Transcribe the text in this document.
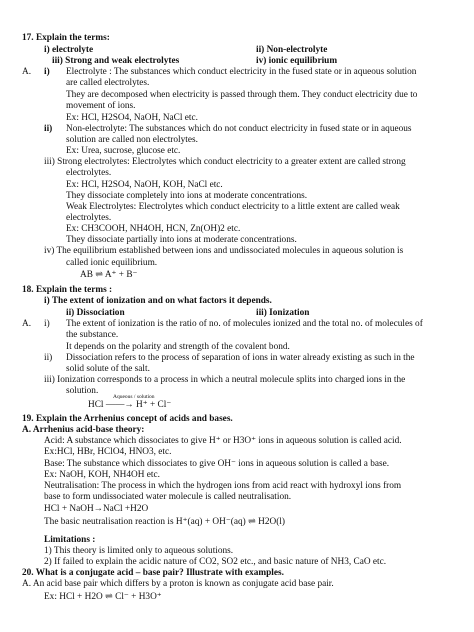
17. Explain the terms:
i) electrolyte	ii) Non-electrolyte
iii) Strong and weak electrolytes	iv) ionic equilibrium
A. i) Electrolyte : The substances which conduct electricity in the fused state or in aqueous solution
are called electrolytes.
They are decomposed when electricity is passed through them. They conduct electricity due to
movement of ions.
Ex: HCl, H2SO4, NaOH, NaCl etc.
ii) Non-electrolyte: The substances which do not conduct electricity in fused state or in aqueous
solution are called non electrolytes.
Ex: Urea, sucrose, glucose etc.
iii) Strong electrolytes: Electrolytes which conduct electricity to a greater extent are called strong
electrolytes.
Ex: HCl, H2SO4, NaOH, KOH, NaCl etc.
They dissociate completely into ions at moderate concentrations.
Weak Electrolytes: Electrolytes which conduct electricity to a little extent are called weak
electrolytes.
Ex: CH3COOH, NH4OH, HCN, Zn(OH)2 etc.
They dissociate partially into ions at moderate concentrations.
iv) The equilibrium established between ions and undissociated molecules in aqueous solution is
called ionic equilibrium.
AB ⇌ A⁺ + B⁻
18. Explain the terms :
i) The extent of ionization and on what factors it depends.
ii) Dissociation	iii) Ionization
A. i) The extent of ionization is the ratio of no. of molecules ionized and the total no. of molecules of
the substance.
It depends on the polarity and strength of the covalent bond.
ii) Dissociation refers to the process of separation of ions in water already existing as such in the
solid solute of the salt.
iii) Ionization corresponds to a process in which a neutral molecule splits into charged ions in the
solution.
HCl ——→ H⁺ + Cl⁻
Aqueous / solution
19. Explain the Arrhenius concept of acids and bases.
A. Arrhenius acid-base theory:
Acid: A substance which dissociates to give H⁺ or H3O⁺ ions in aqueous solution is called acid.
Ex:HCl, HBr, HClO4, HNO3, etc.
Base: The substance which dissociates to give OH⁻ ions in aqueous solution is called a base.
Ex: NaOH, KOH, NH4OH etc.
Neutralisation: The process in which the hydrogen ions from acid react with hydroxyl ions from
base to form undissociated water molecule is called neutralisation.
HCl + NaOH→NaCl +H2O
The basic neutralisation reaction is H⁺(aq) + OH⁻(aq) ⇌ H2O(l)
Limitations :
1) This theory is limited only to aqueous solutions.
2) If failed to explain the acidic nature of CO2, SO2 etc., and basic nature of NH3, CaO etc.
20. What is a conjugate acid – base pair? Illustrate with examples.
A. An acid base pair which differs by a proton is known as conjugate acid base pair.
Ex: HCl + H2O ⇌ Cl⁻ + H3O⁺
